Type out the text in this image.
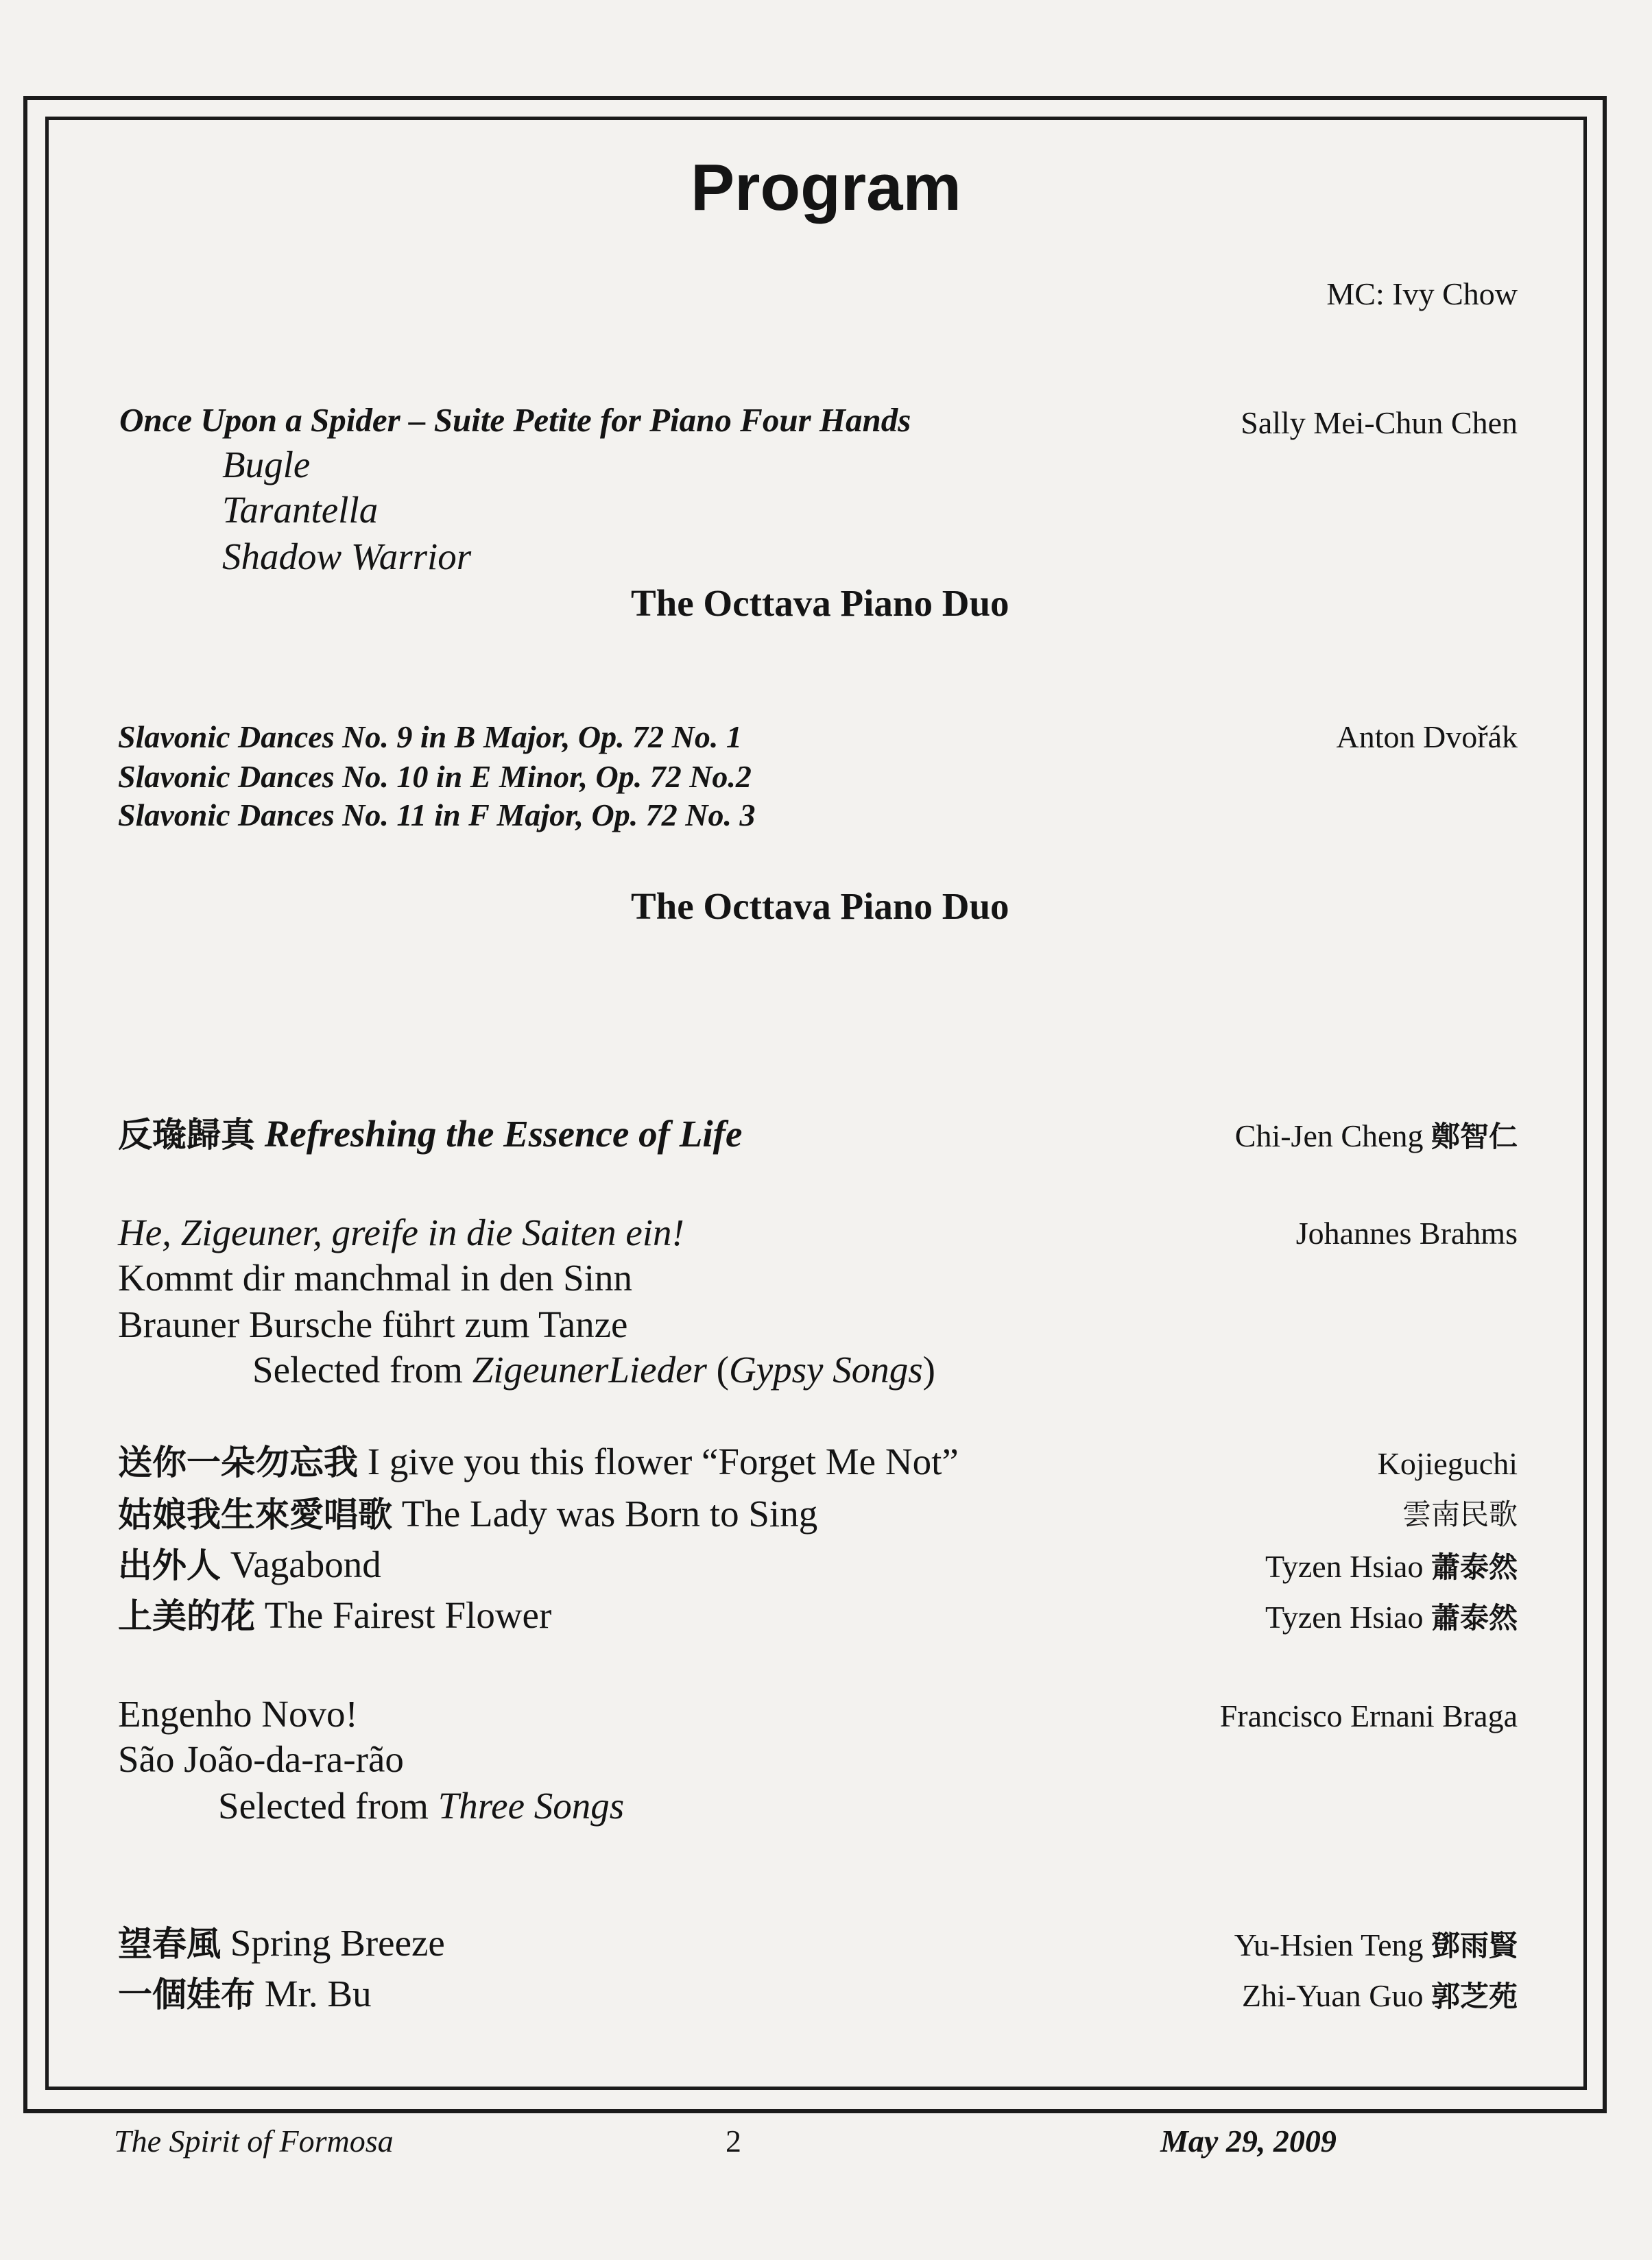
Program
MC: Ivy Chow
Once Upon a Spider – Suite Petite for Piano Four Hands	Sally Mei-Chun Chen
Bugle
Tarantella
Shadow Warrior
The Octtava Piano Duo
Slavonic Dances No. 9 in B Major, Op. 72 No. 1	Anton Dvořák
Slavonic Dances No. 10 in E Minor, Op. 72 No.2
Slavonic Dances No. 11 in F Major, Op. 72 No. 3
The Octtava Piano Duo
反璏歸真 Refreshing the Essence of Life	Chi-Jen Cheng 鄭智仁
He, Zigeuner, greife in die Saiten ein!	Johannes Brahms
Kommt dir manchmal in den Sinn
Brauner Bursche führt zum Tanze
Selected from ZigeunerLieder (Gypsy Songs)
送你一朵勿忘我 I give you this flower “Forget Me Not”	Kojieguchi
姑娘我生來愛唱歌 The Lady was Born to Sing	雲南民歌
出外人 Vagabond	Tyzen Hsiao 蕭泰然
上美的花 The Fairest Flower	Tyzen Hsiao 蕭泰然
Engenho Novo!	Francisco Ernani Braga
São João-da-ra-rão
Selected from Three Songs
望春風 Spring Breeze	Yu-Hsien Teng 鄧雨賢
一個娃布 Mr. Bu	Zhi-Yuan Guo 郭芝苑
The Spirit of Formosa	2	May 29, 2009
